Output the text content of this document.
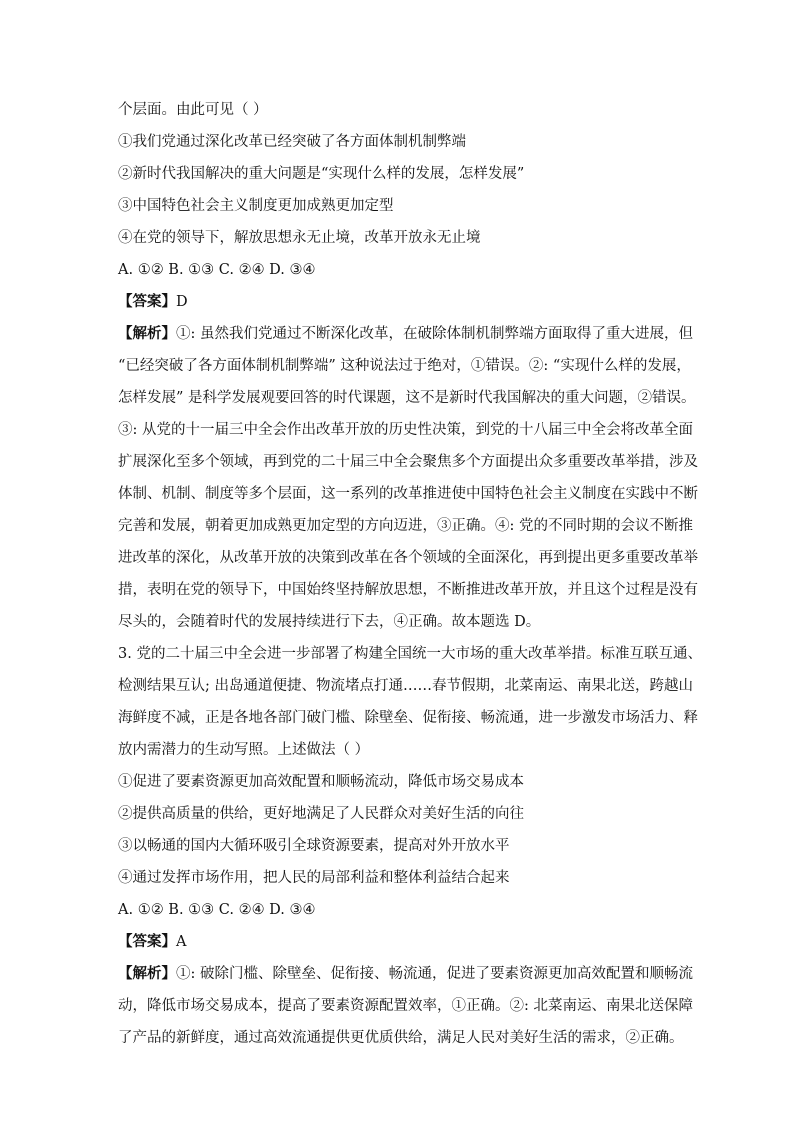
个层面。由此可见（ ）

①我们党通过深化改革已经突破了各方面体制机制弊端

②新时代我国解决的重大问题是“实现什么样的发展，怎样发展”

③中国特色社会主义制度更加成熟更加定型

④在党的领导下，解放思想永无止境，改革开放永无止境

A. ①② B. ①③ C. ②④ D. ③④

【答案】D

【解析】①: 虽然我们党通过不断深化改革，在破除体制机制弊端方面取得了重大进展，但

“已经突破了各方面体制机制弊端” 这种说法过于绝对，①错误。②: “实现什么样的发展，

怎样发展” 是科学发展观要回答的时代课题，这不是新时代我国解决的重大问题，②错误。

③: 从党的十一届三中全会作出改革开放的历史性决策，到党的十八届三中全会将改革全面

扩展深化至多个领域，再到党的二十届三中全会聚焦多个方面提出众多重要改革举措，涉及

体制、机制、制度等多个层面，这一系列的改革推进使中国特色社会主义制度在实践中不断

完善和发展，朝着更加成熟更加定型的方向迈进，③正确。④: 党的不同时期的会议不断推

进改革的深化，从改革开放的决策到改革在各个领域的全面深化，再到提出更多重要改革举

措，表明在党的领导下，中国始终坚持解放思想，不断推进改革开放，并且这个过程是没有

尽头的，会随着时代的发展持续进行下去，④正确。故本题选 D。

3. 党的二十届三中全会进一步部署了构建全国统一大市场的重大改革举措。标准互联互通、

检测结果互认; 出岛通道便捷、物流堵点打通……春节假期，北菜南运、南果北送，跨越山

海鲜度不减，正是各地各部门破门槛、除壁垒、促衔接、畅流通，进一步激发市场活力、释

放内需潜力的生动写照。上述做法（ ）

①促进了要素资源更加高效配置和顺畅流动，降低市场交易成本

②提供高质量的供给，更好地满足了人民群众对美好生活的向往

③以畅通的国内大循环吸引全球资源要素，提高对外开放水平

④通过发挥市场作用，把人民的局部利益和整体利益结合起来

A. ①② B. ①③ C. ②④ D. ③④

【答案】A

【解析】①: 破除门槛、除壁垒、促衔接、畅流通，促进了要素资源更加高效配置和顺畅流

动，降低市场交易成本，提高了要素资源配置效率，①正确。②: 北菜南运、南果北送保障

了产品的新鲜度，通过高效流通提供更优质供给，满足人民对美好生活的需求，②正确。
